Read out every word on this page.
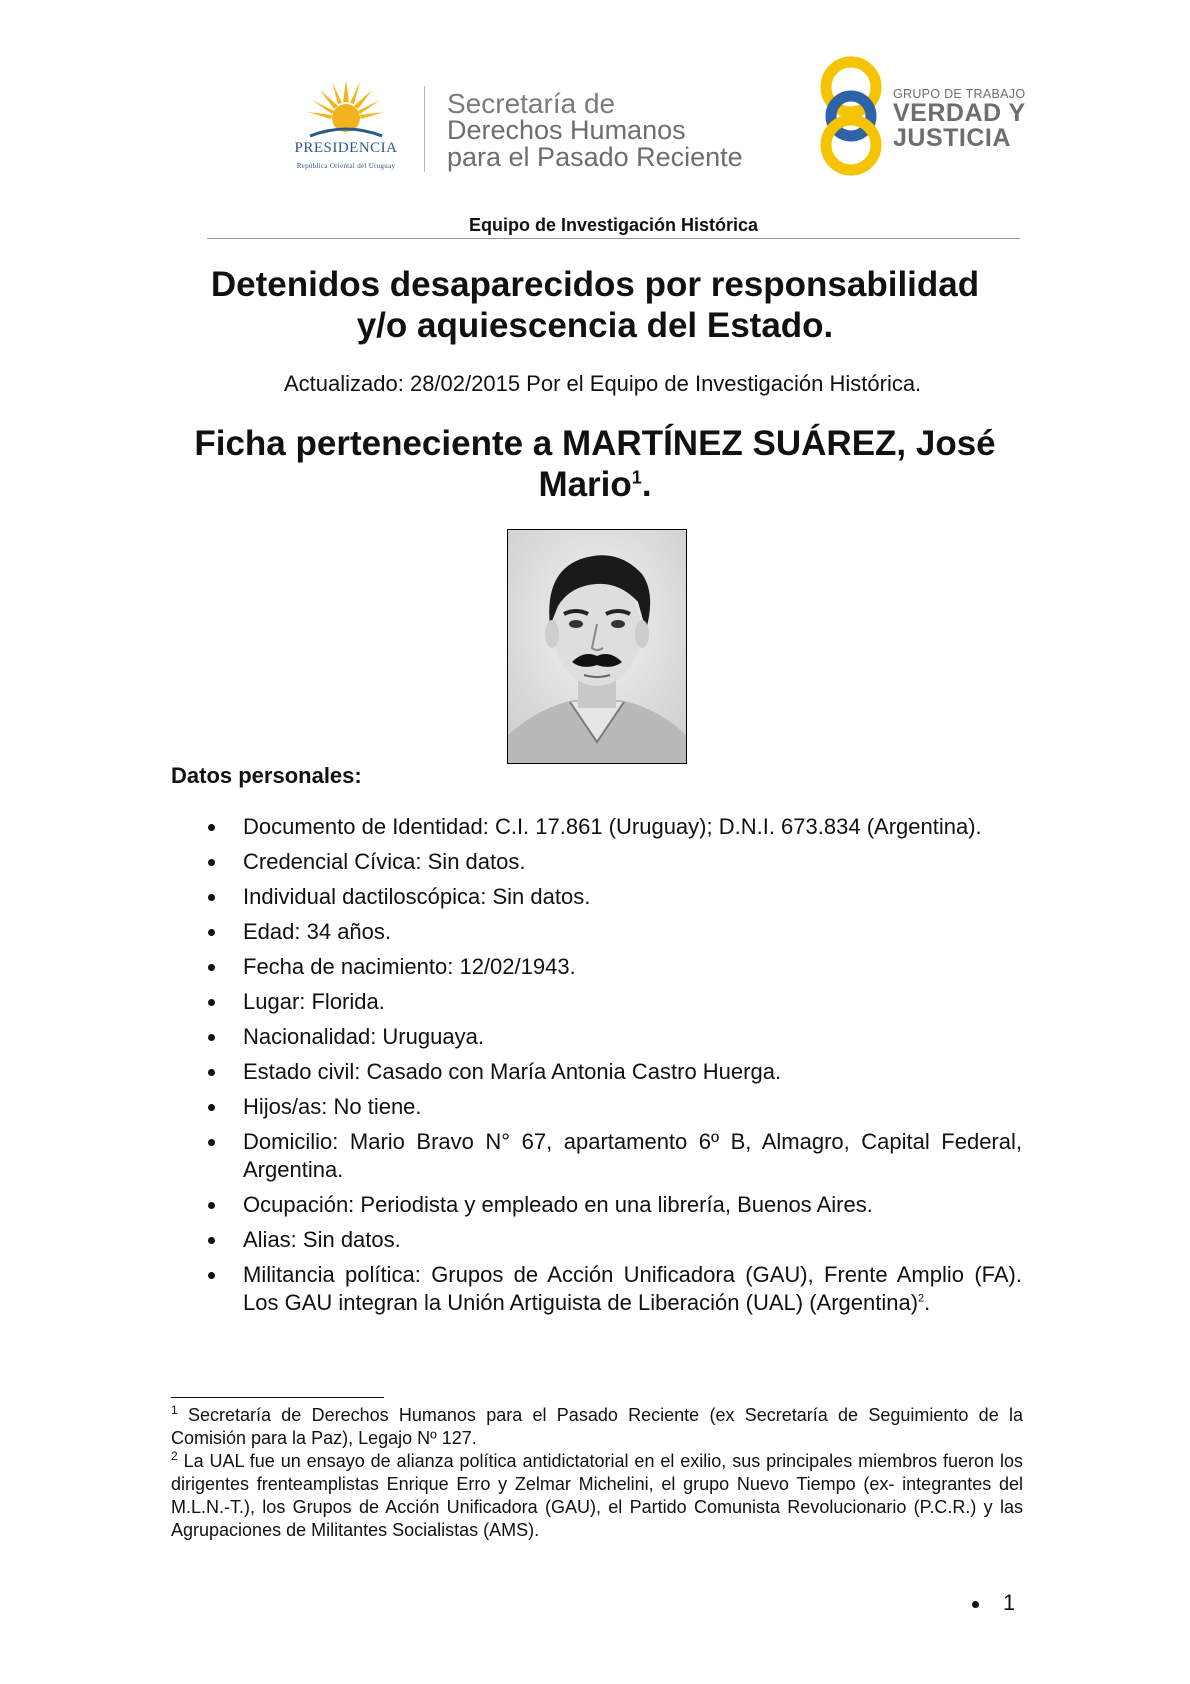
PRESIDENCIA
República Oriental del Uruguay
Secretaría de
Derechos Humanos
para el Pasado Reciente
GRUPO DE TRABAJO
VERDAD Y
JUSTICIA
Equipo de Investigación Histórica
Detenidos desaparecidos por responsabilidad
y/o aquiescencia del Estado.
Actualizado: 28/02/2015 Por el Equipo de Investigación Histórica.
Ficha perteneciente a MARTÍNEZ SUÁREZ, José
Mario$^1$.
Datos personales:
Documento de Identidad: C.I. 17.861 (Uruguay); D.N.I. 673.834 (Argentina).
Credencial Cívica: Sin datos.
Individual dactiloscópica: Sin datos.
Edad: 34 años.
Fecha de nacimiento: 12/02/1943.
Lugar: Florida.
Nacionalidad: Uruguaya.
Estado civil: Casado con María Antonia Castro Huerga.
Hijos/as: No tiene.
Domicilio: Mario Bravo N° 67, apartamento 6º B, Almagro, Capital Federal, Argentina.
Ocupación: Periodista y empleado en una librería, Buenos Aires.
Alias: Sin datos.
Militancia política: Grupos de Acción Unificadora (GAU), Frente Amplio (FA). Los GAU integran la Unión Artiguista de Liberación (UAL) (Argentina)$^2$.

$^1$ Secretaría de Derechos Humanos para el Pasado Reciente (ex Secretaría de Seguimiento de la Comisión para la Paz), Legajo Nº 127.

$^2$ La UAL fue un ensayo de alianza política antidictatorial en el exilio, sus principales miembros fueron los dirigentes frenteamplistas Enrique Erro y Zelmar Michelini, el grupo Nuevo Tiempo (ex- integrantes del M.L.N.-T.), los Grupos de Acción Unificadora (GAU), el Partido Comunista Revolucionario (P.C.R.) y las Agrupaciones de Militantes Socialistas (AMS).

1
